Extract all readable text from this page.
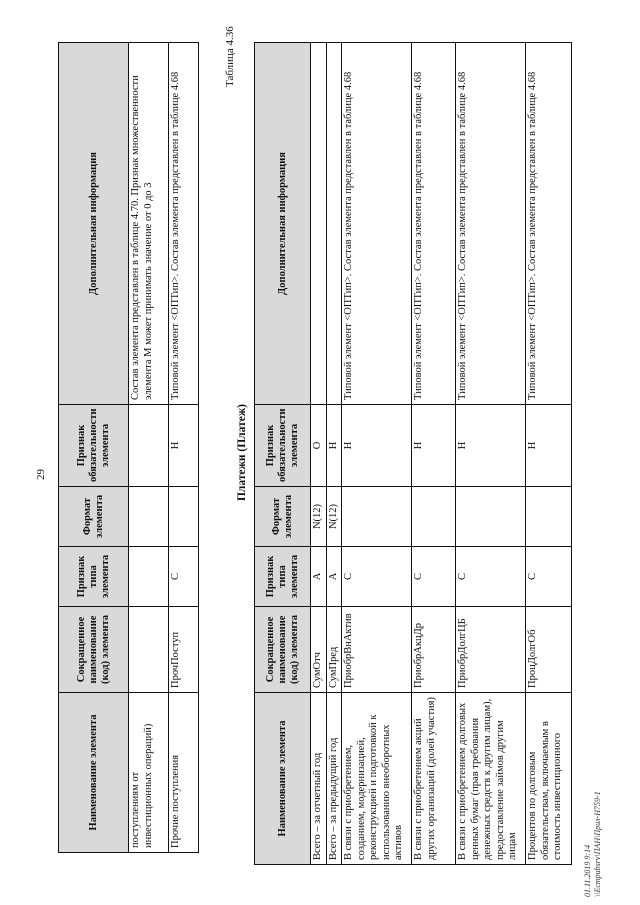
29
Наименование элемента	Сокращенное наименование (код) элемента	Признак типа элемента	Формат элемента	Признак обязательности элемента	Дополнительная информация
поступлениям от инвестиционных операций)					Состав элемента представлен в таблице 4.70. Признак множественности элемента М может принимать значение от 0 до 3
Прочие поступления	ПрочПоступ	С		Н	Типовой элемент <ОПТип>. Состав элемента представлен в таблице 4.68
Таблица 4.36
Платежи (Платеж)
Наименование элемента	Сокращенное наименование (код) элемента	Признак типа элемента	Формат элемента	Признак обязательности элемента	Дополнительная информация
Всего – за отчетный год	СумОтч	А	N(12)	О	
Всего – за предыдущий год	СумПред	А	N(12)	Н	
В связи с приобретением, созданием, модернизацией, реконструкцией и подготовкой к использованию внеоборотных активов	ПриобрВнАктив	С		Н	Типовой элемент <ОПТип>. Состав элемента представлен в таблице 4.68
В связи с приобретением акций других организаций (долей участия)	ПриобрАкцДр	С		Н	Типовой элемент <ОПТип>. Состав элемента представлен в таблице 4.68
В связи с приобретением долговых ценных бумаг (прав требования денежных средств к другим лицам), предоставление займов другим лицам	ПриобрДолгЦБ	С		Н	Типовой элемент <ОПТип>. Состав элемента представлен в таблице 4.68
Процентов по долговым обязательствам, включаемым в стоимость инвестиционного	ПроцДолгОб	С		Н	Типовой элемент <ОПТип>. Состав элемента представлен в таблице 4.68
01.11.2019 9:14 \\Ecmpubsrv\ПАН\Прил-Н759-1
